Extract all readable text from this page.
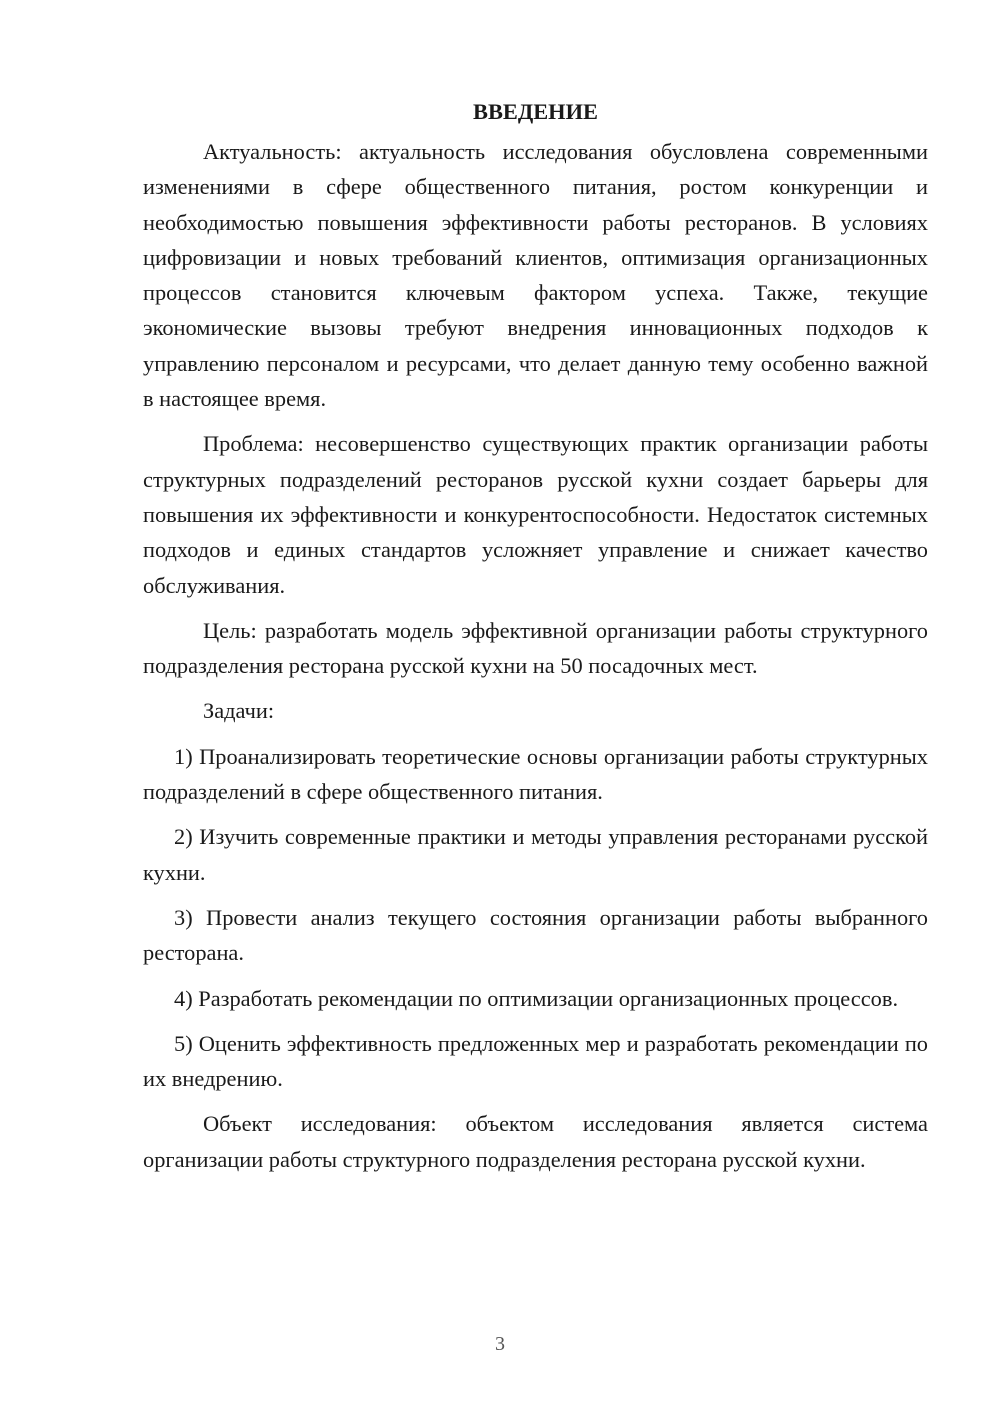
ВВЕДЕНИЕ

Актуальность: актуальность исследования обусловлена современными изменениями в сфере общественного питания, ростом конкуренции и необходимостью повышения эффективности работы ресторанов. В условиях цифровизации и новых требований клиентов, оптимизация организационных процессов становится ключевым фактором успеха. Также, текущие экономические вызовы требуют внедрения инновационных подходов к управлению персоналом и ресурсами, что делает данную тему особенно важной в настоящее время.

Проблема: несовершенство существующих практик организации работы структурных подразделений ресторанов русской кухни создает барьеры для повышения их эффективности и конкурентоспособности. Недостаток системных подходов и единых стандартов усложняет управление и снижает качество обслуживания.

Цель: разработать модель эффективной организации работы структурного подразделения ресторана русской кухни на 50 посадочных мест.

Задачи:

1) Проанализировать теоретические основы организации работы структурных подразделений в сфере общественного питания.

2) Изучить современные практики и методы управления ресторанами русской кухни.

3) Провести анализ текущего состояния организации работы выбранного ресторана.

4) Разработать рекомендации по оптимизации организационных процессов.

5) Оценить эффективность предложенных мер и разработать рекомендации по их внедрению.

Объект исследования: объектом исследования является система организации работы структурного подразделения ресторана русской кухни.

3
